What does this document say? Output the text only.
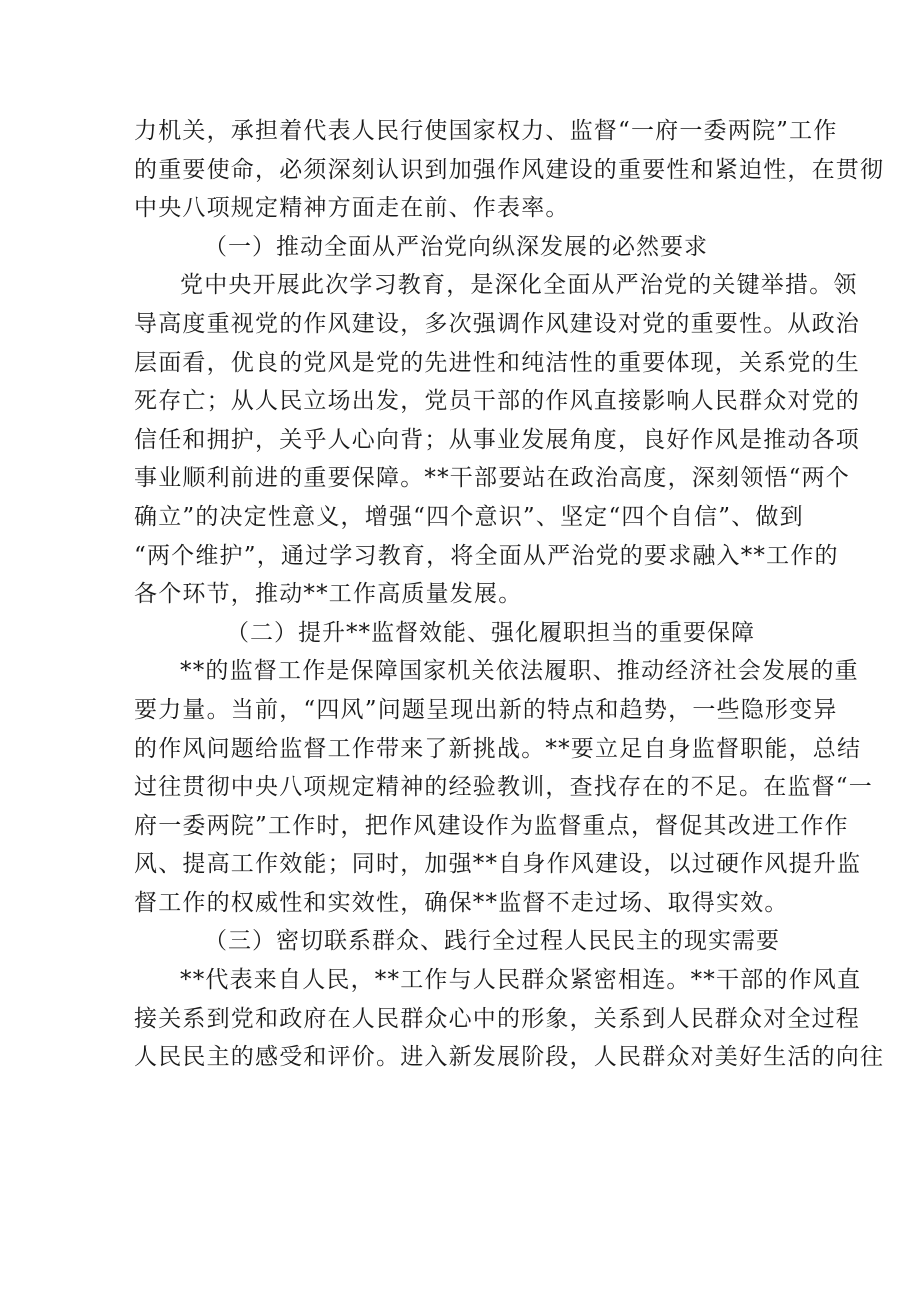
力机关，承担着代表人民行使国家权力、监督“一府一委两院”工作
的重要使命，必须深刻认识到加强作风建设的重要性和紧迫性，在贯彻
中央八项规定精神方面走在前、作表率。
（一）推动全面从严治党向纵深发展的必然要求
党中央开展此次学习教育，是深化全面从严治党的关键举措。领
导高度重视党的作风建设，多次强调作风建设对党的重要性。从政治
层面看，优良的党风是党的先进性和纯洁性的重要体现，关系党的生
死存亡；从人民立场出发，党员干部的作风直接影响人民群众对党的
信任和拥护，关乎人心向背；从事业发展角度，良好作风是推动各项
事业顺利前进的重要保障。**干部要站在政治高度，深刻领悟“两个
确立”的决定性意义，增强“四个意识”、坚定“四个自信”、做到
“两个维护”，通过学习教育，将全面从严治党的要求融入**工作的
各个环节，推动**工作高质量发展。
（二）提升**监督效能、强化履职担当的重要保障
**的监督工作是保障国家机关依法履职、推动经济社会发展的重
要力量。当前，“四风”问题呈现出新的特点和趋势，一些隐形变异
的作风问题给监督工作带来了新挑战。**要立足自身监督职能，总结
过往贯彻中央八项规定精神的经验教训，查找存在的不足。在监督“一
府一委两院”工作时，把作风建设作为监督重点，督促其改进工作作
风、提高工作效能；同时，加强**自身作风建设，以过硬作风提升监
督工作的权威性和实效性，确保**监督不走过场、取得实效。
（三）密切联系群众、践行全过程人民民主的现实需要
**代表来自人民，**工作与人民群众紧密相连。**干部的作风直
接关系到党和政府在人民群众心中的形象，关系到人民群众对全过程
人民民主的感受和评价。进入新发展阶段，人民群众对美好生活的向往
